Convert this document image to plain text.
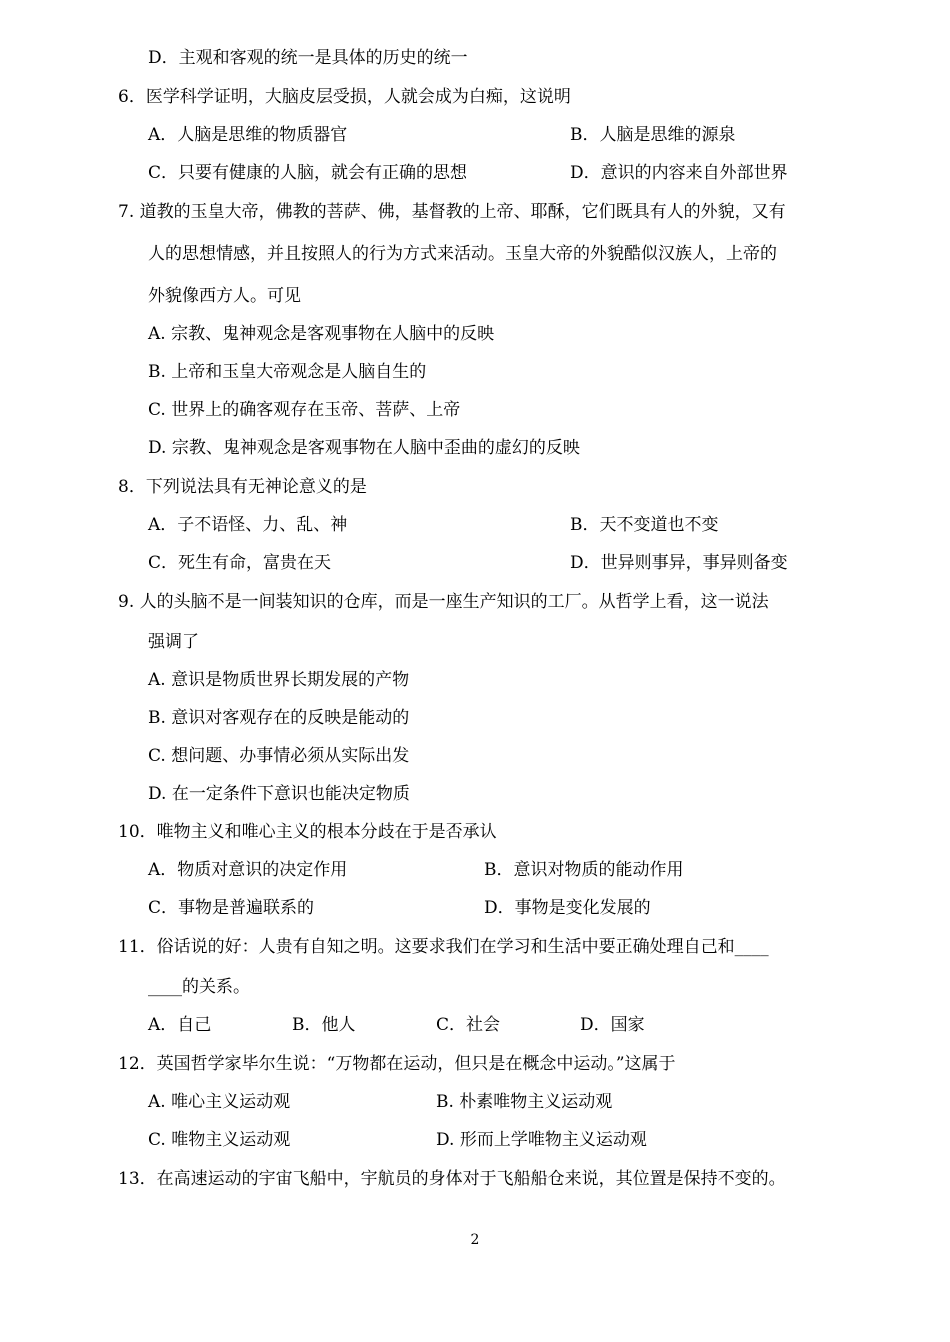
D．主观和客观的统一是具体的历史的统一
6．医学科学证明，大脑皮层受损，人就会成为白痴，这说明
A．人脑是思维的物质器官	B．人脑是思维的源泉
C．只要有健康的人脑，就会有正确的思想	D．意识的内容来自外部世界
7. 道教的玉皇大帝，佛教的菩萨、佛，基督教的上帝、耶酥，它们既具有人的外貌，又有
人的思想情感，并且按照人的行为方式来活动。玉皇大帝的外貌酷似汉族人，上帝的
外貌像西方人。可见
A. 宗教、鬼神观念是客观事物在人脑中的反映
B. 上帝和玉皇大帝观念是人脑自生的
C. 世界上的确客观存在玉帝、菩萨、上帝
D. 宗教、鬼神观念是客观事物在人脑中歪曲的虚幻的反映
8．下列说法具有无神论意义的是
A．子不语怪、力、乱、神	B．天不变道也不变
C．死生有命，富贵在天	D．世异则事异，事异则备变
9. 人的头脑不是一间装知识的仓库，而是一座生产知识的工厂。从哲学上看，这一说法
强调了
A. 意识是物质世界长期发展的产物
B. 意识对客观存在的反映是能动的
C. 想问题、办事情必须从实际出发
D. 在一定条件下意识也能决定物质
10．唯物主义和唯心主义的根本分歧在于是否承认
A．物质对意识的决定作用	B．意识对物质的能动作用
C．事物是普遍联系的	D．事物是变化发展的
11．俗话说的好：人贵有自知之明。这要求我们在学习和生活中要正确处理自己和____
____的关系。
A．自己	B．他人	C．社会	D．国家
12．英国哲学家毕尔生说：“万物都在运动，但只是在概念中运动。”这属于
A. 唯心主义运动观	B. 朴素唯物主义运动观
C. 唯物主义运动观	D. 形而上学唯物主义运动观
13．在高速运动的宇宙飞船中，宇航员的身体对于飞船船仓来说，其位置是保持不变的。
2
